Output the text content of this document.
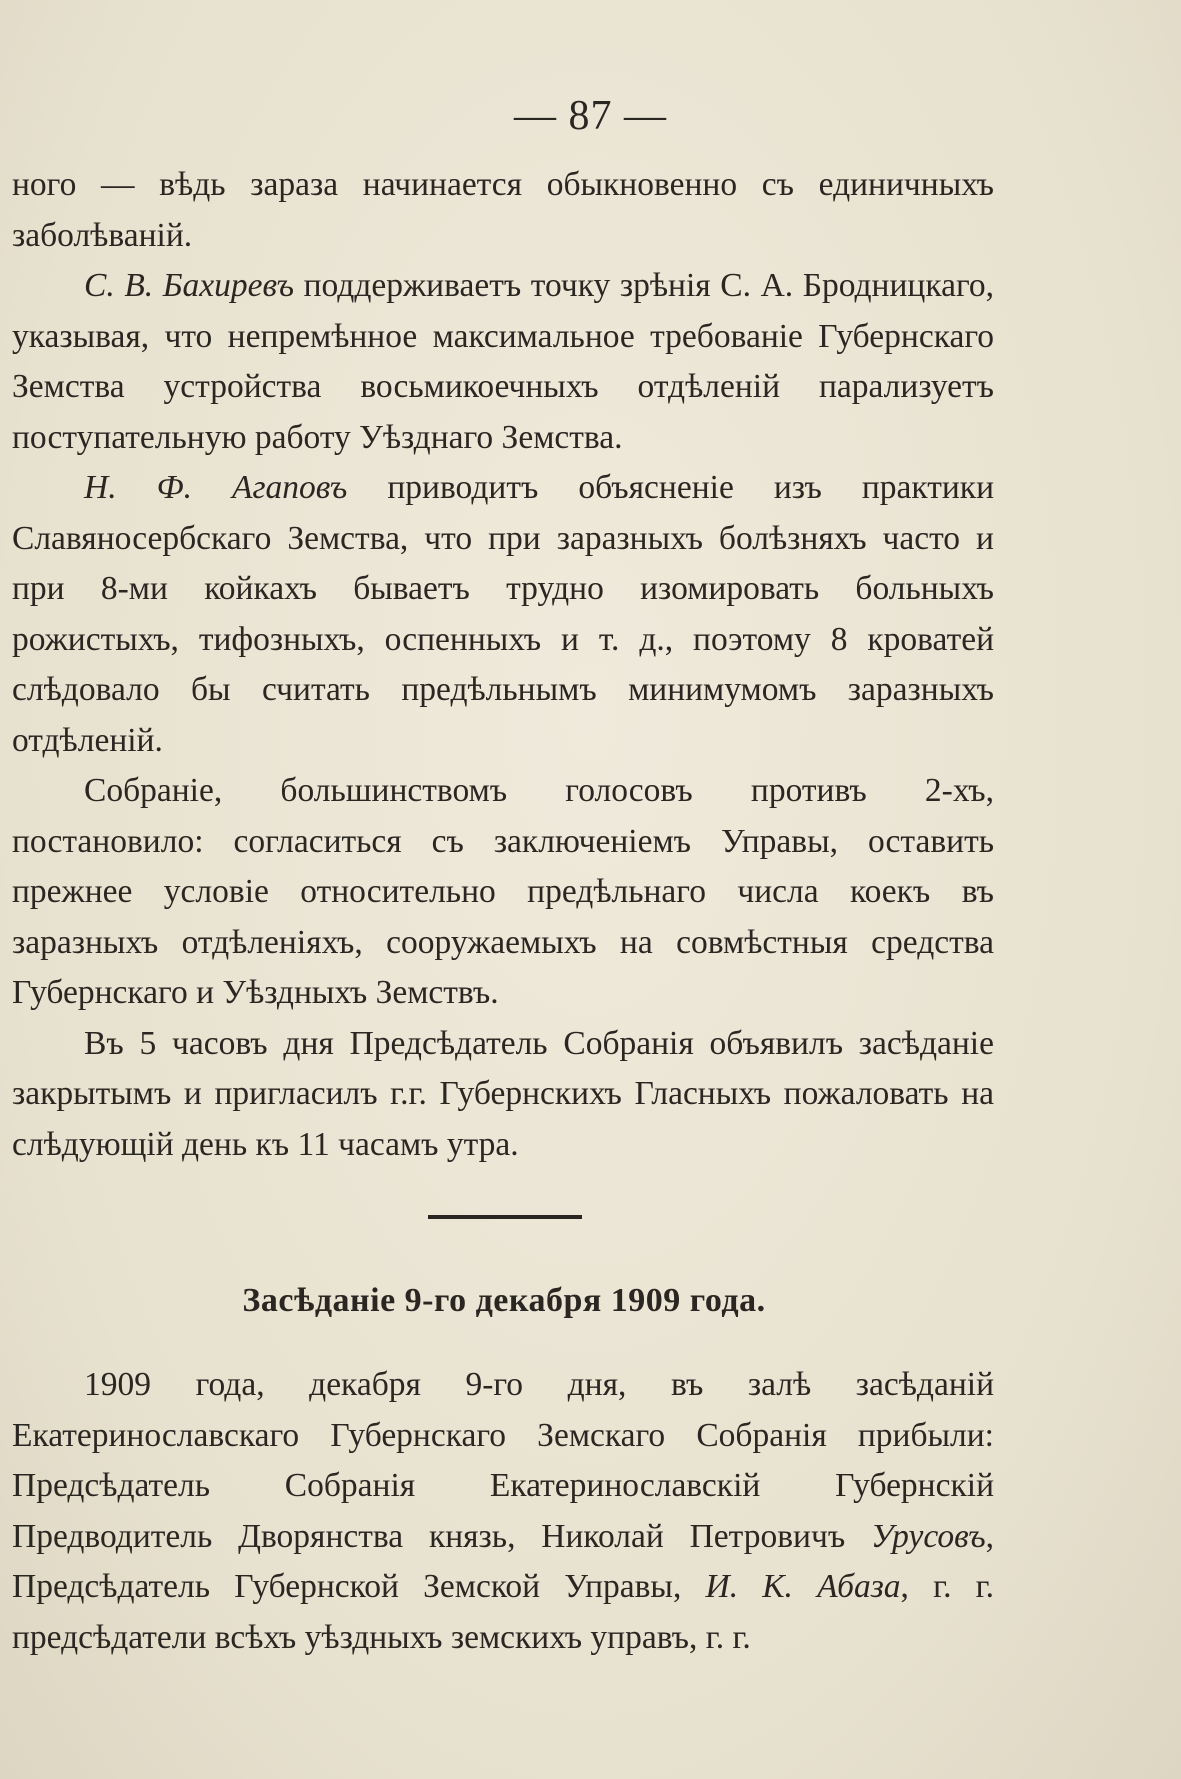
— 87 —

ного — вѣдь зараза начинается обыкновенно съ единичныхъ заболѣваній.

С. В. Бахиревъ поддерживаетъ точку зрѣнія С. А. Бродницкаго, указывая, что непремѣнное максимальное требованіе Губернскаго Земства устройства восьмикоечныхъ отдѣленій парализуетъ поступательную работу Уѣзднаго Земства.

Н. Ф. Агаповъ приводитъ объясненіе изъ практики Славяносербскаго Земства, что при заразныхъ болѣзняхъ часто и при 8-ми койкахъ бываетъ трудно изомировать больныхъ рожистыхъ, тифозныхъ, оспенныхъ и т. д., поэтому 8 кроватей слѣдовало бы считать предѣльнымъ минимумомъ заразныхъ отдѣленій.

Собраніе, большинствомъ голосовъ противъ 2-хъ, постановило: согласиться съ заключеніемъ Управы, оставить прежнее условіе относительно предѣльнаго числа коекъ въ заразныхъ отдѣленіяхъ, сооружаемыхъ на совмѣстныя средства Губернскаго и Уѣздныхъ Земствъ.

Въ 5 часовъ дня Предсѣдатель Собранія объявилъ засѣданіе закрытымъ и пригласилъ г.г. Губернскихъ Гласныхъ пожаловать на слѣдующій день къ 11 часамъ утра.

Засѣданіе 9-го декабря 1909 года.

1909 года, декабря 9-го дня, въ залѣ засѣданій Екатеринославскаго Губернскаго Земскаго Собранія прибыли: Предсѣдатель Собранія Екатеринославскій Губернскій Предводитель Дворянства князь, Николай Петровичъ Урусовъ, Предсѣдатель Губернской Земской Управы, И. К. Абаза, г. г. предсѣдатели всѣхъ уѣздныхъ земскихъ управъ, г. г.
